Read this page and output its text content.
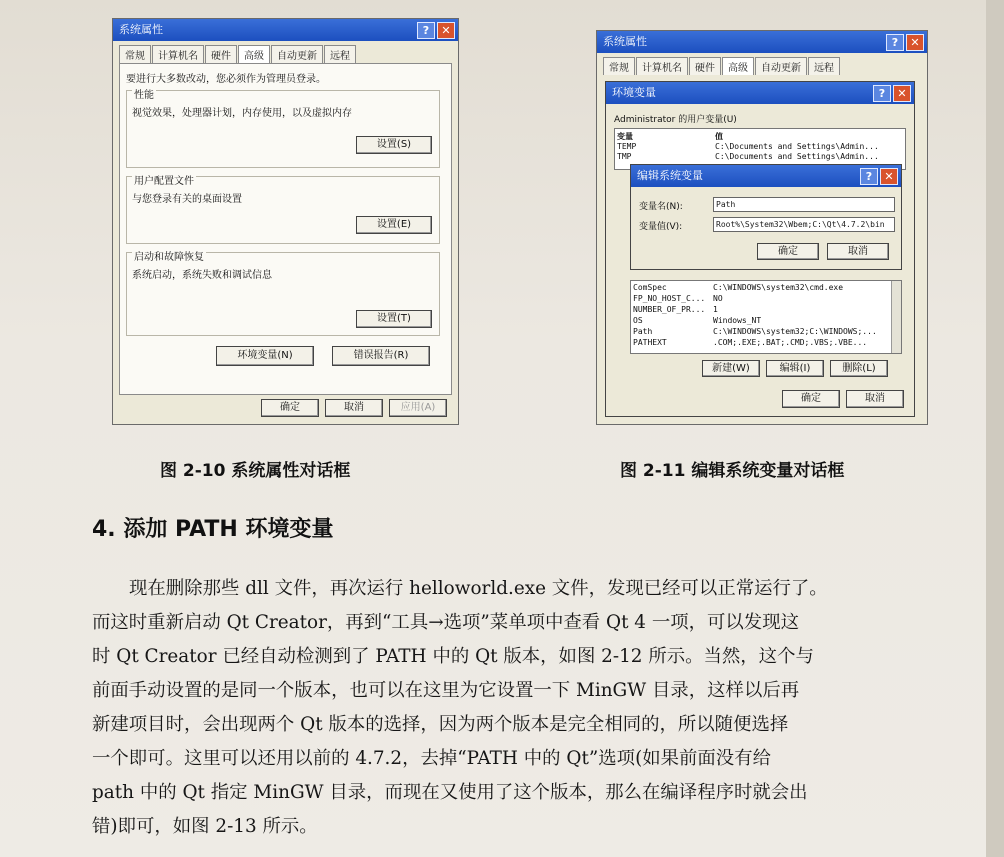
系统属性	?	✕
常规	计算机名	硬件	高级	自动更新	远程
要进行大多数改动，您必须作为管理员登录。
性能
视觉效果，处理器计划，内存使用，以及虚拟内存
设置(S)
用户配置文件
与您登录有关的桌面设置
设置(E)
启动和故障恢复
系统启动，系统失败和调试信息
设置(T)
环境变量(N)	错误报告(R)
确定	取消	应用(A)
图 2-10 系统属性对话框
系统属性	?	✕
常规	计算机名	硬件	高级	自动更新	远程
环境变量	?	✕
Administrator 的用户变量(U)
变量	值
TEMP	C:\Documents and Settings\Admin...
TMP	C:\Documents and Settings\Admin...
编辑系统变量	?	✕
变量名(N):	Path
变量值(V):	Root%\System32\Wbem;C:\Qt\4.7.2\bin
确定	取消
ComSpec	C:\WINDOWS\system32\cmd.exe
FP_NO_HOST_C... NO
NUMBER_OF_PR... 1
OS	Windows_NT
Path	C:\WINDOWS\system32;C:\WINDOWS;...
PATHEXT	.COM;.EXE;.BAT;.CMD;.VBS;.VBE...
新建(W)	编辑(I)	删除(L)
确定	取消
图 2-11 编辑系统变量对话框
4. 添加 PATH 环境变量
现在删除那些 dll 文件，再次运行 helloworld.exe 文件，发现已经可以正常运行了。
而这时重新启动 Qt Creator，再到“工具→选项”菜单项中查看 Qt 4 一项，可以发现这
时 Qt Creator 已经自动检测到了 PATH 中的 Qt 版本，如图 2-12 所示。当然，这个与
前面手动设置的是同一个版本，也可以在这里为它设置一下 MinGW 目录，这样以后再
新建项目时，会出现两个 Qt 版本的选择，因为两个版本是完全相同的，所以随便选择
一个即可。这里可以还用以前的 4.7.2，去掉“PATH 中的 Qt”选项(如果前面没有给
path 中的 Qt 指定 MinGW 目录，而现在又使用了这个版本，那么在编译程序时就会出
错)即可，如图 2-13 所示。
